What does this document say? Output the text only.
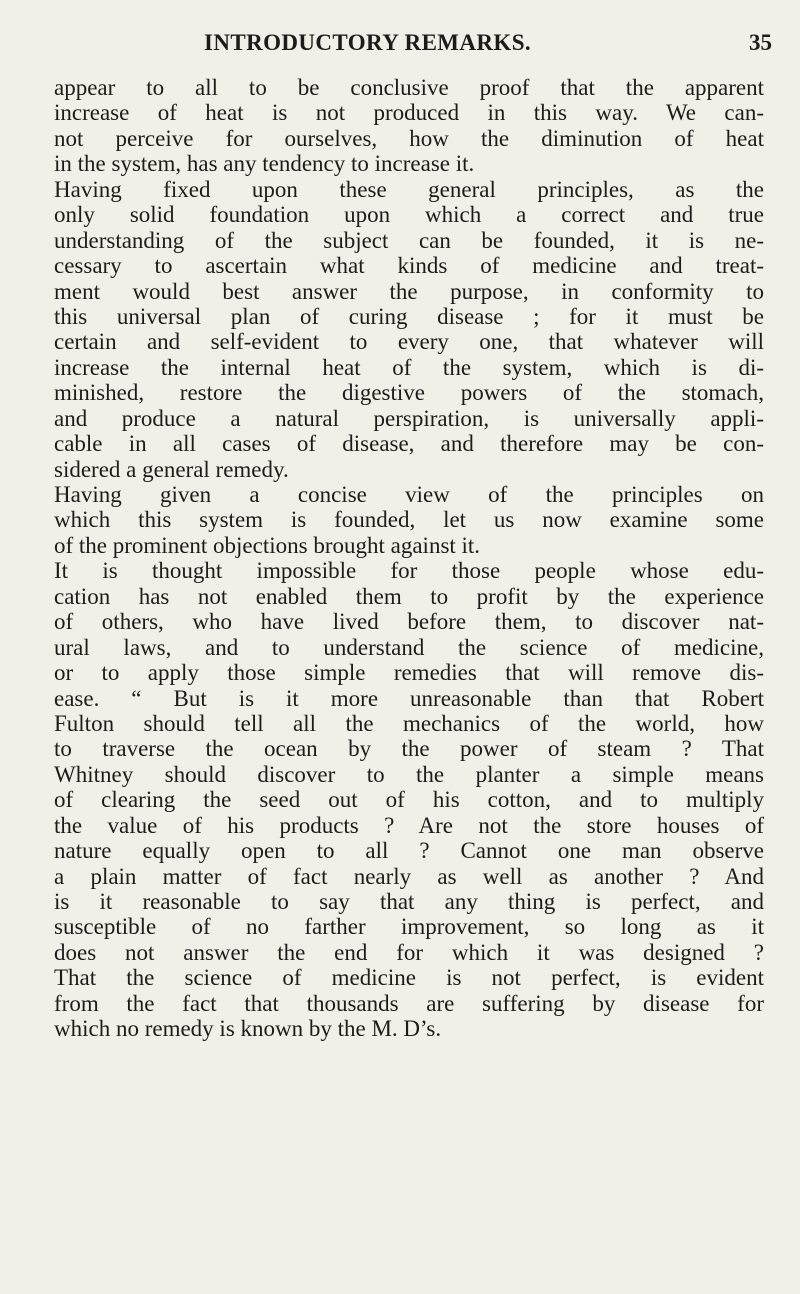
INTRODUCTORY REMARKS.	35
appear to all to be conclusive proof that the apparent
increase of heat is not produced in this way. We can-
not perceive for ourselves, how the diminution of heat
in the system, has any tendency to increase it.
Having fixed upon these general principles, as the
only solid foundation upon which a correct and true
understanding of the subject can be founded, it is ne-
cessary to ascertain what kinds of medicine and treat-
ment would best answer the purpose, in conformity to
this universal plan of curing disease ; for it must be
certain and self-evident to every one, that whatever will
increase the internal heat of the system, which is di-
minished, restore the digestive powers of the stomach,
and produce a natural perspiration, is universally appli-
cable in all cases of disease, and therefore may be con-
sidered a general remedy.
Having given a concise view of the principles on
which this system is founded, let us now examine some
of the prominent objections brought against it.
It is thought impossible for those people whose edu-
cation has not enabled them to profit by the experience
of others, who have lived before them, to discover nat-
ural laws, and to understand the science of medicine,
or to apply those simple remedies that will remove dis-
ease. “ But is it more unreasonable than that Robert
Fulton should tell all the mechanics of the world, how
to traverse the ocean by the power of steam ? That
Whitney should discover to the planter a simple means
of clearing the seed out of his cotton, and to multiply
the value of his products ? Are not the store houses of
nature equally open to all ? Cannot one man observe
a plain matter of fact nearly as well as another ? And
is it reasonable to say that any thing is perfect, and
susceptible of no farther improvement, so long as it
does not answer the end for which it was designed ?
That the science of medicine is not perfect, is evident
from the fact that thousands are suffering by disease for
which no remedy is known by the M. D’s.
